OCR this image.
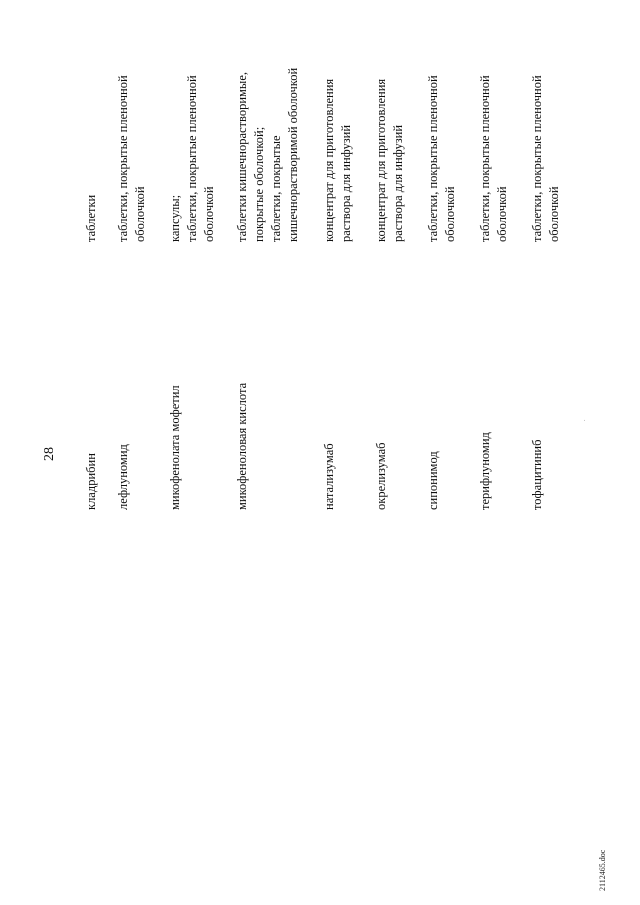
28 кладрибин
таблетки
лефлуномид
таблетки, покрытые пленочной оболочкой
микофенолата мофетил
капсулы; таблетки, покрытые пленочной оболочкой
микофеноловая кислота
таблетки кишечнорастворимые, покрытые оболочкой; таблетки, покрытые кишечнорастворимой оболочкой
натализумаб
концентрат для приготовления раствора для инфузий
окрелизумаб
концентрат для приготовления раствора для инфузий
сипонимод
таблетки, покрытые пленочной оболочкой
терифлуномид
таблетки, покрытые пленочной оболочкой
тофацитиниб
таблетки, покрытые пленочной оболочкой
.
2112465.doc
